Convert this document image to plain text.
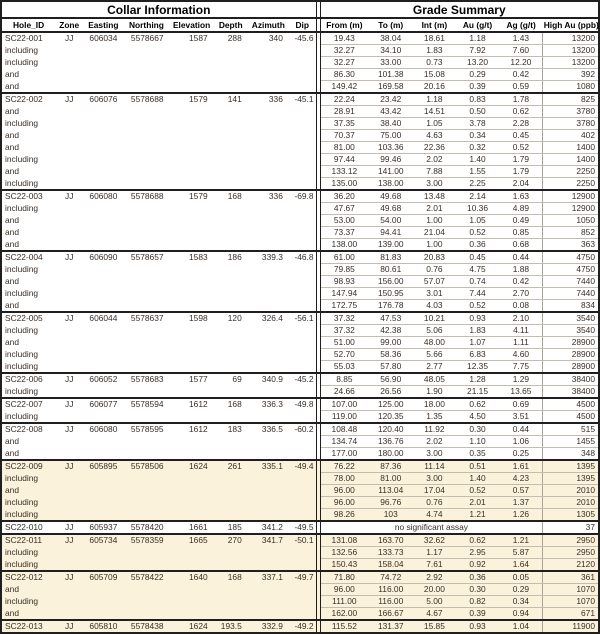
Collar Information									Grade Summary					
Hole_ID	Zone	Easting	Northing	Elevation	Depth	Azimuth	Dip		From (m)	To (m)	Int (m)	Au (g/t)	Ag (g/t)	High Au (ppb)
SC22-001	JJ	606034	5578667	1587	288	340	-45.6		19.43	38.04	18.61	1.18	1.43	13200
including									32.27	34.10	1.83	7.92	7.60	13200
including									32.27	33.00	0.73	13.20	12.20	13200
and									86.30	101.38	15.08	0.29	0.42	392
and									149.42	169.58	20.16	0.39	0.59	1080
SC22-002	JJ	606076	5578688	1579	141	336	-45.1		22.24	23.42	1.18	0.83	1.78	825
and									28.91	43.42	14.51	0.50	0.62	3780
including									37.35	38.40	1.05	3.78	2.28	3780
and									70.37	75.00	4.63	0.34	0.45	402
and									81.00	103.36	22.36	0.32	0.52	1400
including									97.44	99.46	2.02	1.40	1.79	1400
and									133.12	141.00	7.88	1.55	1.79	2250
including									135.00	138.00	3.00	2.25	2.04	2250
SC22-003	JJ	606080	5578688	1579	168	336	-69.8		36.20	49.68	13.48	2.14	1.63	12900
including									47.67	49.68	2.01	10.36	4.89	12900
and									53.00	54.00	1.00	1.05	0.49	1050
and									73.37	94.41	21.04	0.52	0.85	852
and									138.00	139.00	1.00	0.36	0.68	363
SC22-004	JJ	606090	5578657	1583	186	339.3	-46.8		61.00	81.83	20.83	0.45	0.44	4750
including									79.85	80.61	0.76	4.75	1.88	4750
and									98.93	156.00	57.07	0.74	0.42	7440
including									147.94	150.95	3.01	7.44	2.70	7440
and									172.75	176.78	4.03	0.52	0.08	834
SC22-005	JJ	606044	5578637	1598	120	326.4	-56.1		37.32	47.53	10.21	0.93	2.10	3540
including									37.32	42.38	5.06	1.83	4.11	3540
and									51.00	99.00	48.00	1.07	1.11	28900
including									52.70	58.36	5.66	6.83	4.60	28900
including									55.03	57.80	2.77	12.35	7.75	28900
SC22-006	JJ	606052	5578683	1577	69	340.9	-45.2		8.85	56.90	48.05	1.28	1.29	38400
including									24.66	26.56	1.90	21.15	13.65	38400
SC22-007	JJ	606077	5578594	1612	168	336.3	-49.8		107.00	125.00	18.00	0.62	0.69	4500
including									119.00	120.35	1.35	4.50	3.51	4500
SC22-008	JJ	606080	5578595	1612	183	336.5	-60.2		108.48	120.40	11.92	0.30	0.44	515
and									134.74	136.76	2.02	1.10	1.06	1455
and									177.00	180.00	3.00	0.35	0.25	348
SC22-009	JJ	605895	5578506	1624	261	335.1	-49.4		76.22	87.36	11.14	0.51	1.61	1395
including									78.00	81.00	3.00	1.40	4.23	1395
and									96.00	113.04	17.04	0.52	0.57	2010
including									96.00	96.76	0.76	2.01	1.37	2010
including									98.26	103	4.74	1.21	1.26	1305
SC22-010	JJ	605937	5578420	1661	185	341.2	-49.5		no significant assay					37
SC22-011	JJ	605734	5578359	1665	270	341.7	-50.1		131.08	163.70	32.62	0.62	1.21	2950
including									132.56	133.73	1.17	2.95	5.87	2950
including									150.43	158.04	7.61	0.92	1.64	2120
SC22-012	JJ	605709	5578422	1640	168	337.1	-49.7		71.80	74.72	2.92	0.36	0.05	361
and									96.00	116.00	20.00	0.30	0.29	1070
including									111.00	116.00	5.00	0.82	0.34	1070
and									162.00	166.67	4.67	0.39	0.94	671
SC22-013	JJ	605810	5578438	1624	193.5	332.9	-49.2		115.52	131.37	15.85	0.93	1.04	11900
